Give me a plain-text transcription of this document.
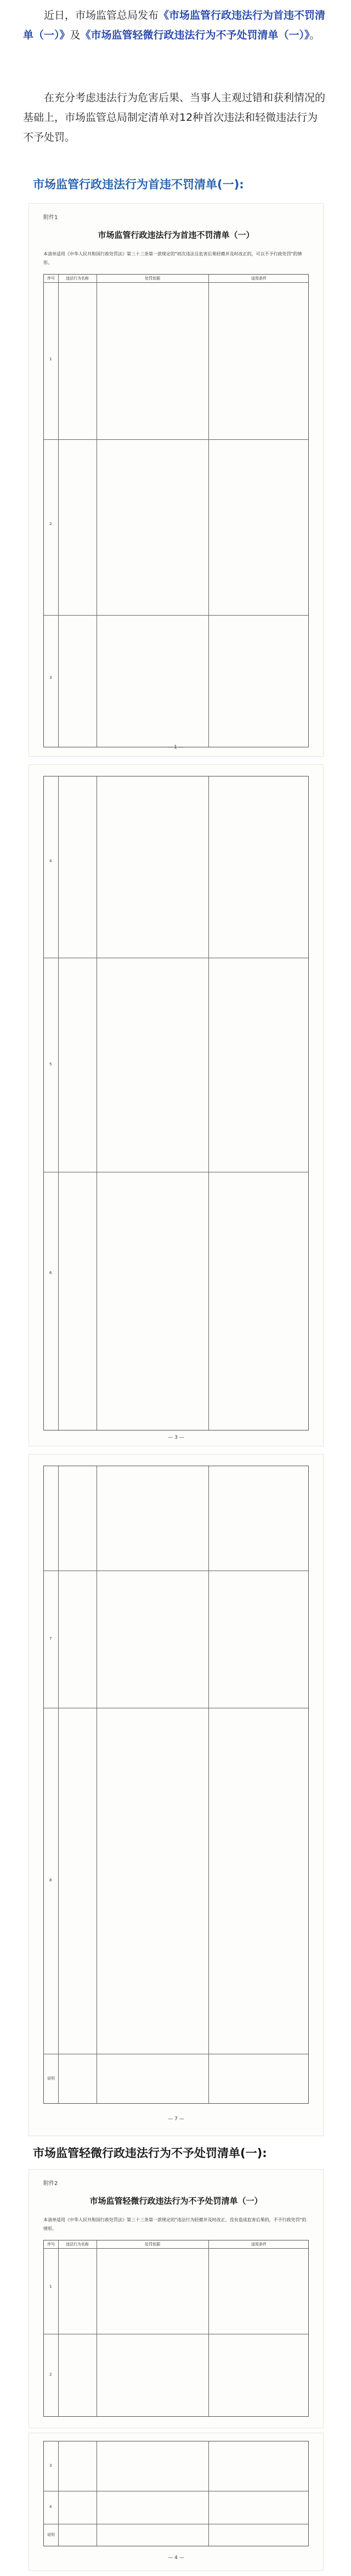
近日，市场监管总局发布《市场监管行政违法行为首违不罚清单（一）》及《市场监管轻微行政违法行为不予处罚清单（一）》。
在充分考虑违法行为危害后果、当事人主观过错和获利情况的基础上，市场监管总局制定清单对12种首次违法和轻微违法行为不予处罚。
市场监管行政违法行为首违不罚清单(一):
附件1
市场监管行政违法行为首违不罚清单（一）
本清单适用《中华人民共和国行政处罚法》第三十三条第一款规定的"初次违法且危害后果轻微并及时改正的，可以不予行政处罚"的情形。
序号	违法行为名称	处罚依据	适用条件
1
2
3
— 1 —
4
5
6
— 3 —
7
8
说明
— 7 —
市场监管轻微行政违法行为不予处罚清单(一):
附件2
市场监管轻微行政违法行为不予处罚清单（一）
本清单适用《中华人民共和国行政处罚法》第三十三条第一款规定的"违法行为轻微并及时改正，没有造成危害后果的，不予行政处罚"的情形。
序号	违法行为名称	处罚依据	适用条件
1
2
3
4
说明
— 4 —
